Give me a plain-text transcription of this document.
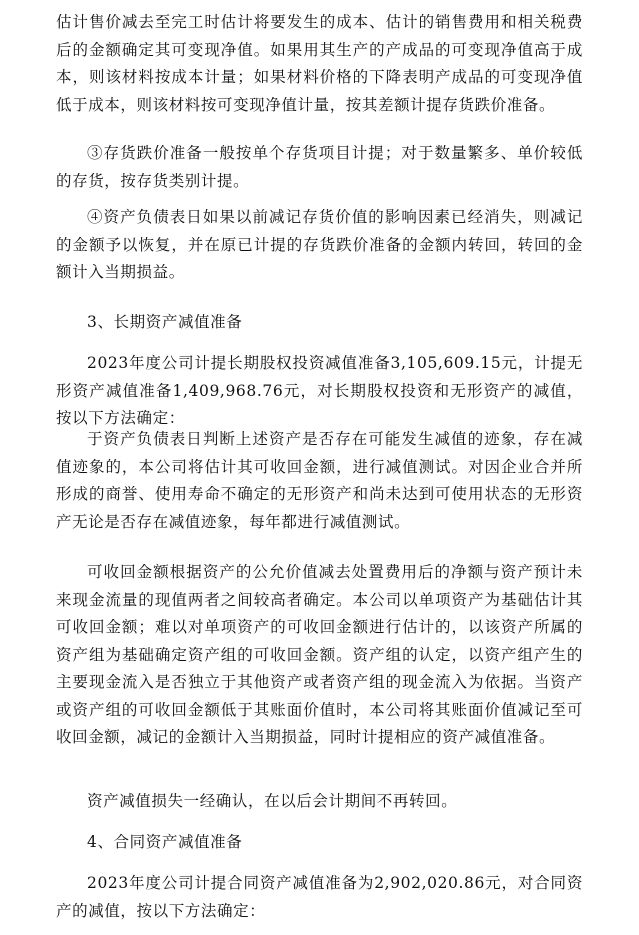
估计售价减去至完工时估计将要发生的成本、估计的销售费用和相关税费后的金额确定其可变现净值。如果用其生产的产成品的可变现净值高于成本，则该材料按成本计量；如果材料价格的下降表明产成品的可变现净值低于成本，则该材料按可变现净值计量，按其差额计提存货跌价准备。

③存货跌价准备一般按单个存货项目计提；对于数量繁多、单价较低的存货，按存货类别计提。

④资产负债表日如果以前减记存货价值的影响因素已经消失，则减记的金额予以恢复，并在原已计提的存货跌价准备的金额内转回，转回的金额计入当期损益。

3、长期资产减值准备

2023年度公司计提长期股权投资减值准备3,105,609.15元，计提无形资产减值准备1,409,968.76元，对长期股权投资和无形资产的减值，按以下方法确定：

于资产负债表日判断上述资产是否存在可能发生减值的迹象，存在减值迹象的，本公司将估计其可收回金额，进行减值测试。对因企业合并所形成的商誉、使用寿命不确定的无形资产和尚未达到可使用状态的无形资产无论是否存在减值迹象，每年都进行减值测试。

可收回金额根据资产的公允价值减去处置费用后的净额与资产预计未来现金流量的现值两者之间较高者确定。本公司以单项资产为基础估计其可收回金额；难以对单项资产的可收回金额进行估计的，以该资产所属的资产组为基础确定资产组的可收回金额。资产组的认定，以资产组产生的主要现金流入是否独立于其他资产或者资产组的现金流入为依据。当资产或资产组的可收回金额低于其账面价值时，本公司将其账面价值减记至可收回金额，减记的金额计入当期损益，同时计提相应的资产减值准备。

资产减值损失一经确认，在以后会计期间不再转回。

4、合同资产减值准备

2023年度公司计提合同资产减值准备为2,902,020.86元，对合同资产的减值，按以下方法确定：
